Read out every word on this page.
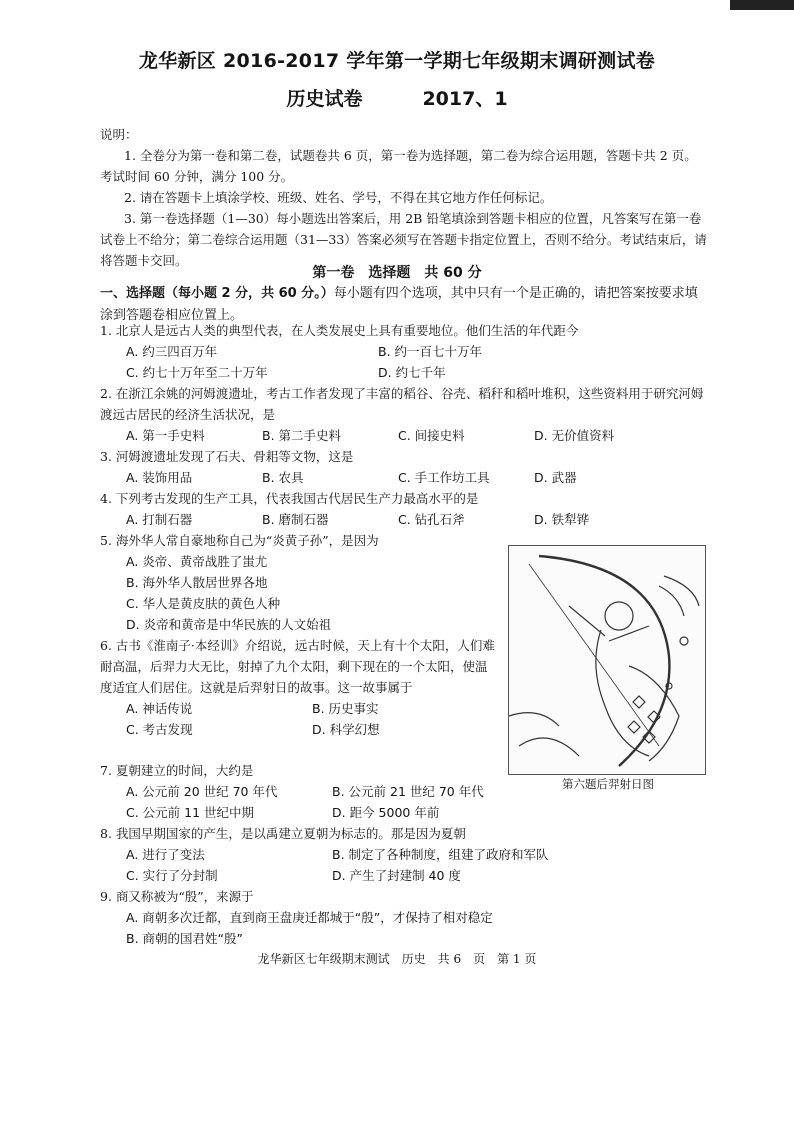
龙华新区 2016-2017 学年第一学期七年级期末调研测试卷
历史试卷	2017、1

说明：

1. 全卷分为第一卷和第二卷，试题卷共 6 页，第一卷为选择题，第二卷为综合运用题，答题卡共 2 页。考试时间 60 分钟，满分 100 分。

2. 请在答题卡上填涂学校、班级、姓名、学号，不得在其它地方作任何标记。

3. 第一卷选择题（1—30）每小题选出答案后，用 2B 铅笔填涂到答题卡相应的位置，凡答案写在第一卷试卷上不给分；第二卷综合运用题（31—33）答案必须写在答题卡指定位置上，否则不给分。考试结束后，请将答题卡交回。

第一卷　选择题　共 60 分
一、选择题（每小题 2 分，共 60 分。）每小题有四个选项，其中只有一个是正确的，请把答案按要求填涂到答题卷相应位置上。

1. 北京人是远古人类的典型代表，在人类发展史上具有重要地位。他们生活的年代距今

A. 约三四百万年	B. 约一百七十万年
C. 约七十万年至二十万年	D. 约七千年

2. 在浙江余姚的河姆渡遗址，考古工作者发现了丰富的稻谷、谷壳、稻秆和稻叶堆积，这些资料用于研究河姆渡远古居民的经济生活状况，是

A. 第一手史料	B. 第二手史料	C. 间接史料	D. 无价值资料

3. 河姆渡遗址发现了石夫、骨耜等文物，这是

A. 装饰用品	B. 农具	C. 手工作坊工具	D. 武器

4. 下列考古发现的生产工具，代表我国古代居民生产力最高水平的是

A. 打制石器	B. 磨制石器	C. 钻孔石斧	D. 铁犁铧

5. 海外华人常自豪地称自己为“炎黄子孙”，是因为

A. 炎帝、黄帝战胜了蚩尤
B. 海外华人散居世界各地
C. 华人是黄皮肤的黄色人种
D. 炎帝和黄帝是中华民族的人文始祖

6. 古书《淮南子·本经训》介绍说，远古时候，天上有十个太阳，人们难耐高温，后羿力大无比，射掉了九个太阳，剩下现在的一个太阳，使温度适宜人们居住。这就是后羿射日的故事。这一故事属于

A. 神话传说	B. 历史事实
C. 考古发现	D. 科学幻想
第六题后羿射日图

7. 夏朝建立的时间，大约是

A. 公元前 20 世纪 70 年代	B. 公元前 21 世纪 70 年代
C. 公元前 11 世纪中期	D. 距今 5000 年前

8. 我国早期国家的产生，是以禹建立夏朝为标志的。那是因为夏朝

A. 进行了变法	B. 制定了各种制度，组建了政府和军队
C. 实行了分封制	D. 产生了封建制 40 度

9. 商又称被为“殷”，来源于

A. 商朝多次迁都，直到商王盘庚迁都城于“殷”，才保持了相对稳定
B. 商朝的国君姓“殷”
龙华新区七年级期末测试　历史　共 6　页　第 1 页
